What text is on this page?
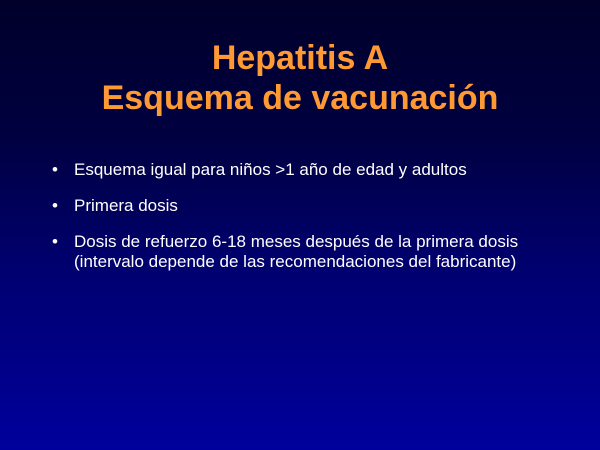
Hepatitis A
Esquema de vacunación
• Esquema igual para niños >1 año de edad y adultos
• Primera dosis
• Dosis de refuerzo 6-18 meses después de la primera dosis (intervalo depende de las recomendaciones del fabricante)
